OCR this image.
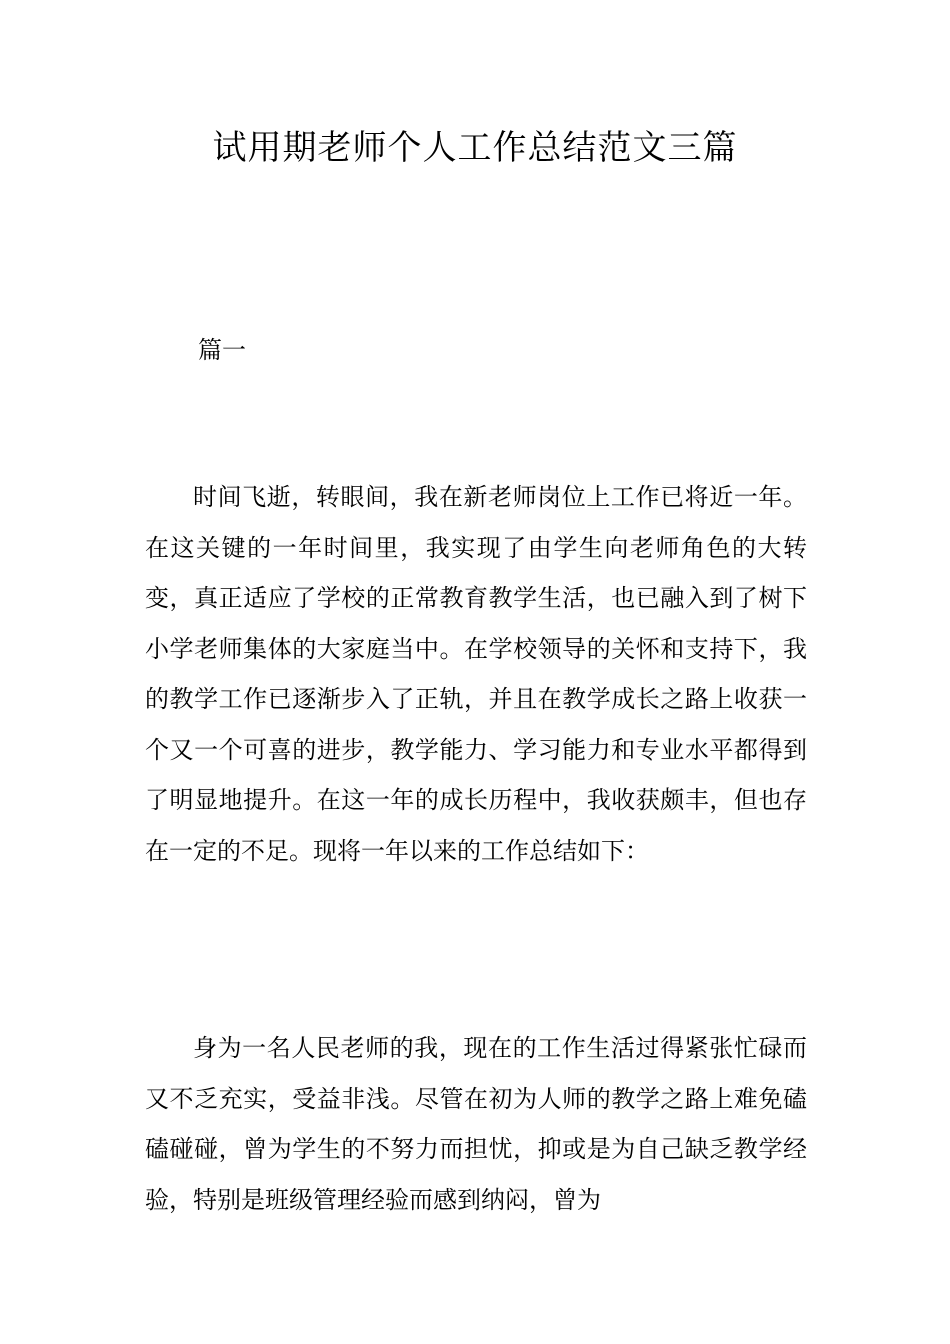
试用期老师个人工作总结范文三篇
篇一

时间飞逝，转眼间，我在新老师岗位上工作已将近一年。在这关键的一年时间里，我实现了由学生向老师角色的大转变，真正适应了学校的正常教育教学生活，也已融入到了树下小学老师集体的大家庭当中。在学校领导的关怀和支持下，我的教学工作已逐渐步入了正轨，并且在教学成长之路上收获一个又一个可喜的进步，教学能力、学习能力和专业水平都得到了明显地提升。在这一年的成长历程中，我收获颇丰，但也存在一定的不足。现将一年以来的工作总结如下：

身为一名人民老师的我，现在的工作生活过得紧张忙碌而又不乏充实，受益非浅。尽管在初为人师的教学之路上难免磕磕碰碰，曾为学生的不努力而担忧，抑或是为自己缺乏教学经验，特别是班级管理经验而感到纳闷，曾为
